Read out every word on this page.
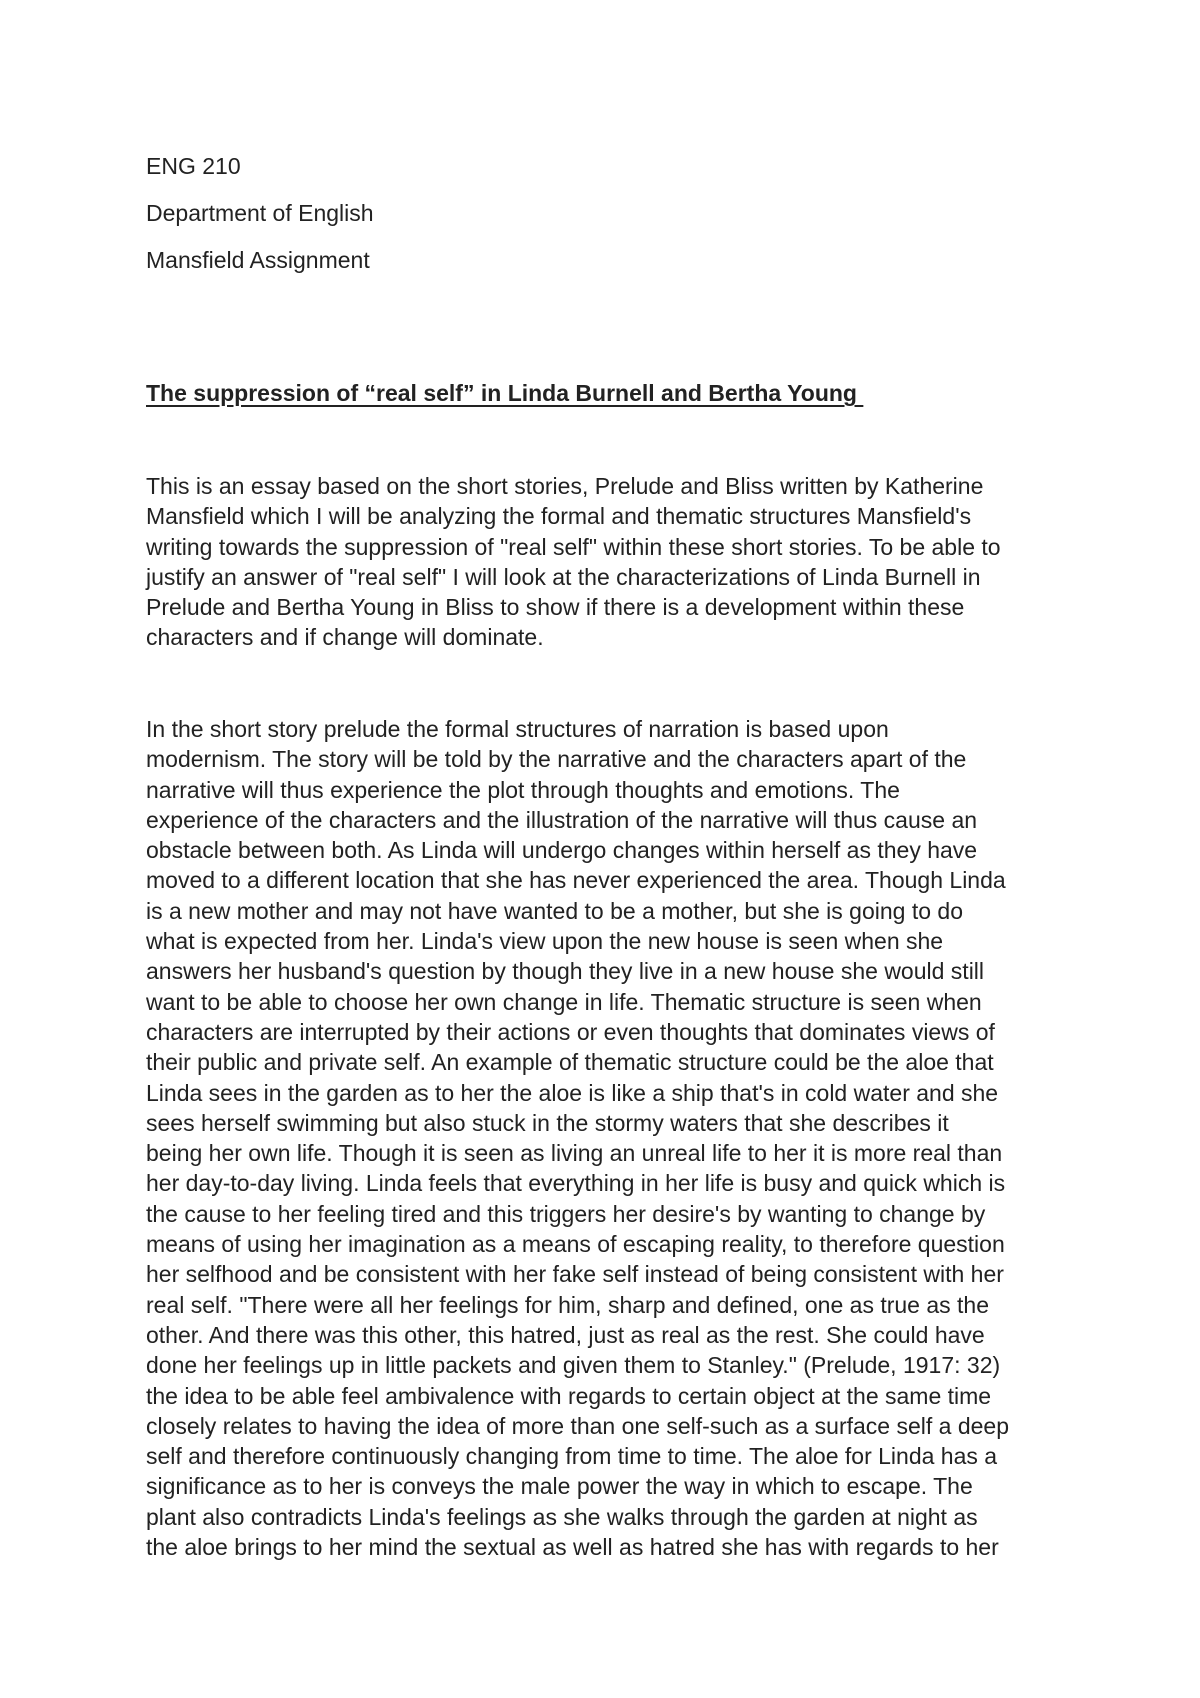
ENG 210

Department of English

Mansfield Assignment

The suppression of “real self” in Linda Burnell and Bertha Young
This is an essay based on the short stories, Prelude and Bliss written by Katherine
Mansfield which I will be analyzing the formal and thematic structures Mansfield's
writing towards the suppression of "real self" within these short stories. To be able to
justify an answer of "real self" I will look at the characterizations of Linda Burnell in
Prelude and Bertha Young in Bliss to show if there is a development within these
characters and if change will dominate.
In the short story prelude the formal structures of narration is based upon
modernism. The story will be told by the narrative and the characters apart of the
narrative will thus experience the plot through thoughts and emotions. The
experience of the characters and the illustration of the narrative will thus cause an
obstacle between both. As Linda will undergo changes within herself as they have
moved to a different location that she has never experienced the area. Though Linda
is a new mother and may not have wanted to be a mother, but she is going to do
what is expected from her. Linda's view upon the new house is seen when she
answers her husband's question by though they live in a new house she would still
want to be able to choose her own change in life. Thematic structure is seen when
characters are interrupted by their actions or even thoughts that dominates views of
their public and private self. An example of thematic structure could be the aloe that
Linda sees in the garden as to her the aloe is like a ship that's in cold water and she
sees herself swimming but also stuck in the stormy waters that she describes it
being her own life. Though it is seen as living an unreal life to her it is more real than
her day-to-day living. Linda feels that everything in her life is busy and quick which is
the cause to her feeling tired and this triggers her desire's by wanting to change by
means of using her imagination as a means of escaping reality, to therefore question
her selfhood and be consistent with her fake self instead of being consistent with her
real self. "There were all her feelings for him, sharp and defined, one as true as the
other. And there was this other, this hatred, just as real as the rest. She could have
done her feelings up in little packets and given them to Stanley." (Prelude, 1917: 32)
the idea to be able feel ambivalence with regards to certain object at the same time
closely relates to having the idea of more than one self-such as a surface self a deep
self and therefore continuously changing from time to time. The aloe for Linda has a
significance as to her is conveys the male power the way in which to escape. The
plant also contradicts Linda's feelings as she walks through the garden at night as
the aloe brings to her mind the sextual as well as hatred she has with regards to her
